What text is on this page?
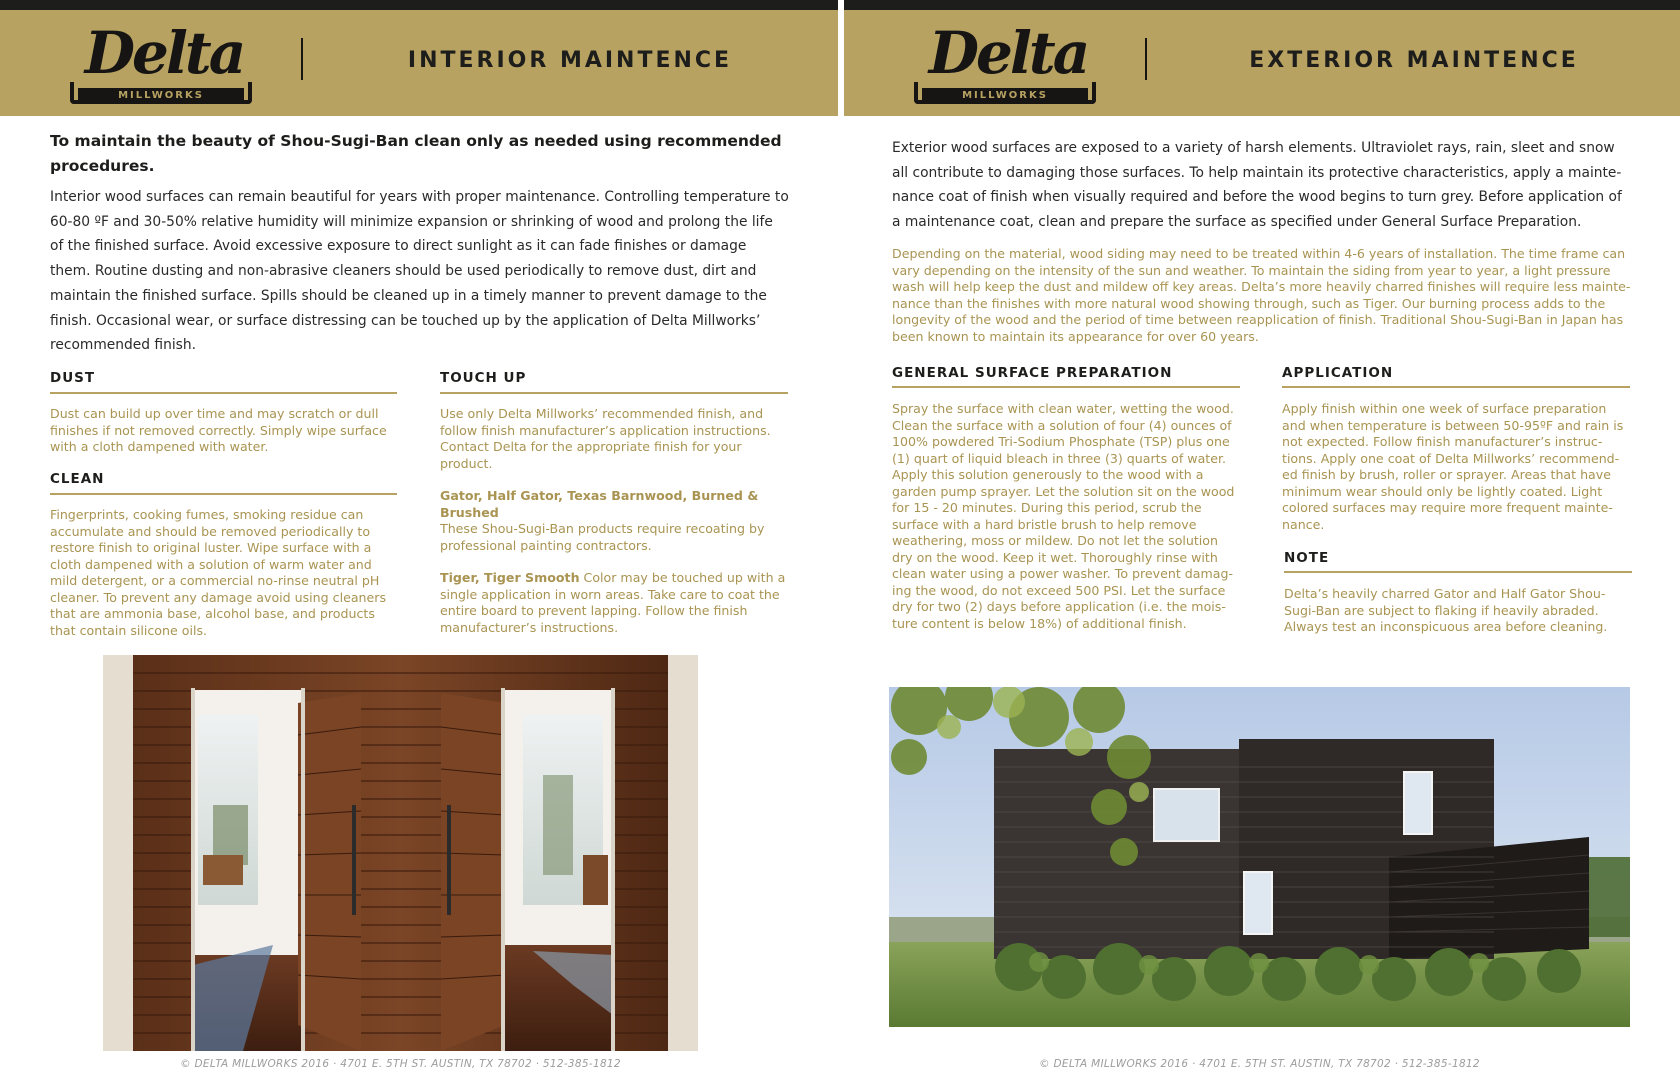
Delta
MILLWORKS
INTERIOR MAINTENCE
To maintain the beauty of Shou-Sugi-Ban clean only as needed using recommended procedures.
Interior wood surfaces can remain beautiful for years with proper maintenance. Controlling temperature to 60-80 ºF and 30-50% relative humidity will minimize expansion or shrinking of wood and prolong the life of the finished surface. Avoid excessive exposure to direct sunlight as it can fade finishes or damage them. Routine dusting and non-abrasive cleaners should be used periodically to remove dust, dirt and maintain the finished surface. Spills should be cleaned up in a timely manner to prevent damage to the finish. Occasional wear, or surface distressing can be touched up by the application of Delta Millworks’ recommended finish.
DUST
Dust can build up over time and may scratch or dull finishes if not removed correctly. Simply wipe surface with a cloth dampened with water.
CLEAN
Fingerprints, cooking fumes, smoking residue can accumulate and should be removed periodically to restore finish to original luster. Wipe surface with a cloth dampened with a solution of warm water and mild detergent, or a commercial no-rinse neutral pH cleaner. To prevent any damage avoid using cleaners that are ammonia base, alcohol base, and products that contain silicone oils.
TOUCH UP
Use only Delta Millworks’ recommended finish, and follow finish manufacturer’s application instructions. Contact Delta for the appropriate finish for your product.
Gator, Half Gator, Texas Barnwood, Burned & Brushed
These Shou-Sugi-Ban products require recoating by professional painting contractors.
Tiger, Tiger Smooth Color may be touched up with a single application in worn areas. Take care to coat the entire board to prevent lapping. Follow the finish manufacturer’s instructions.
© DELTA MILLWORKS 2016 · 4701 E. 5TH ST. AUSTIN, TX 78702 · 512-385-1812
Delta
MILLWORKS
EXTERIOR MAINTENCE
Exterior wood surfaces are exposed to a variety of harsh elements. Ultraviolet rays, rain, sleet and snow all contribute to damaging those surfaces. To help maintain its protective characteristics, apply a mainte-nance coat of finish when visually required and before the wood begins to turn grey. Before application of a maintenance coat, clean and prepare the surface as specified under General Surface Preparation.
Depending on the material, wood siding may need to be treated within 4-6 years of installation. The time frame can vary depending on the intensity of the sun and weather. To maintain the siding from year to year, a light pressure wash will help keep the dust and mildew off key areas. Delta’s more heavily charred finishes will require less mainte-nance than the finishes with more natural wood showing through, such as Tiger. Our burning process adds to the longevity of the wood and the period of time between reapplication of finish. Traditional Shou-Sugi-Ban in Japan has been known to maintain its appearance for over 60 years.
GENERAL SURFACE PREPARATION
Spray the surface with clean water, wetting the wood. Clean the surface with a solution of four (4) ounces of 100% powdered Tri-Sodium Phosphate (TSP) plus one (1) quart of liquid bleach in three (3) quarts of water. Apply this solution generously to the wood with a garden pump sprayer. Let the solution sit on the wood for 15 - 20 minutes. During this period, scrub the surface with a hard bristle brush to help remove weathering, moss or mildew. Do not let the solution dry on the wood. Keep it wet. Thoroughly rinse with clean water using a power washer. To prevent damag-ing the wood, do not exceed 500 PSI. Let the surface dry for two (2) days before application (i.e. the mois-ture content is below 18%) of additional finish.
APPLICATION
Apply finish within one week of surface preparation and when temperature is between 50-95ºF and rain is not expected. Follow finish manufacturer’s instruc-tions. Apply one coat of Delta Millworks’ recommend-ed finish by brush, roller or sprayer. Areas that have minimum wear should only be lightly coated. Light colored surfaces may require more frequent mainte-nance.
NOTE
Delta’s heavily charred Gator and Half Gator Shou-Sugi-Ban are subject to flaking if heavily abraded. Always test an inconspicuous area before cleaning.
© DELTA MILLWORKS 2016 · 4701 E. 5TH ST. AUSTIN, TX 78702 · 512-385-1812
